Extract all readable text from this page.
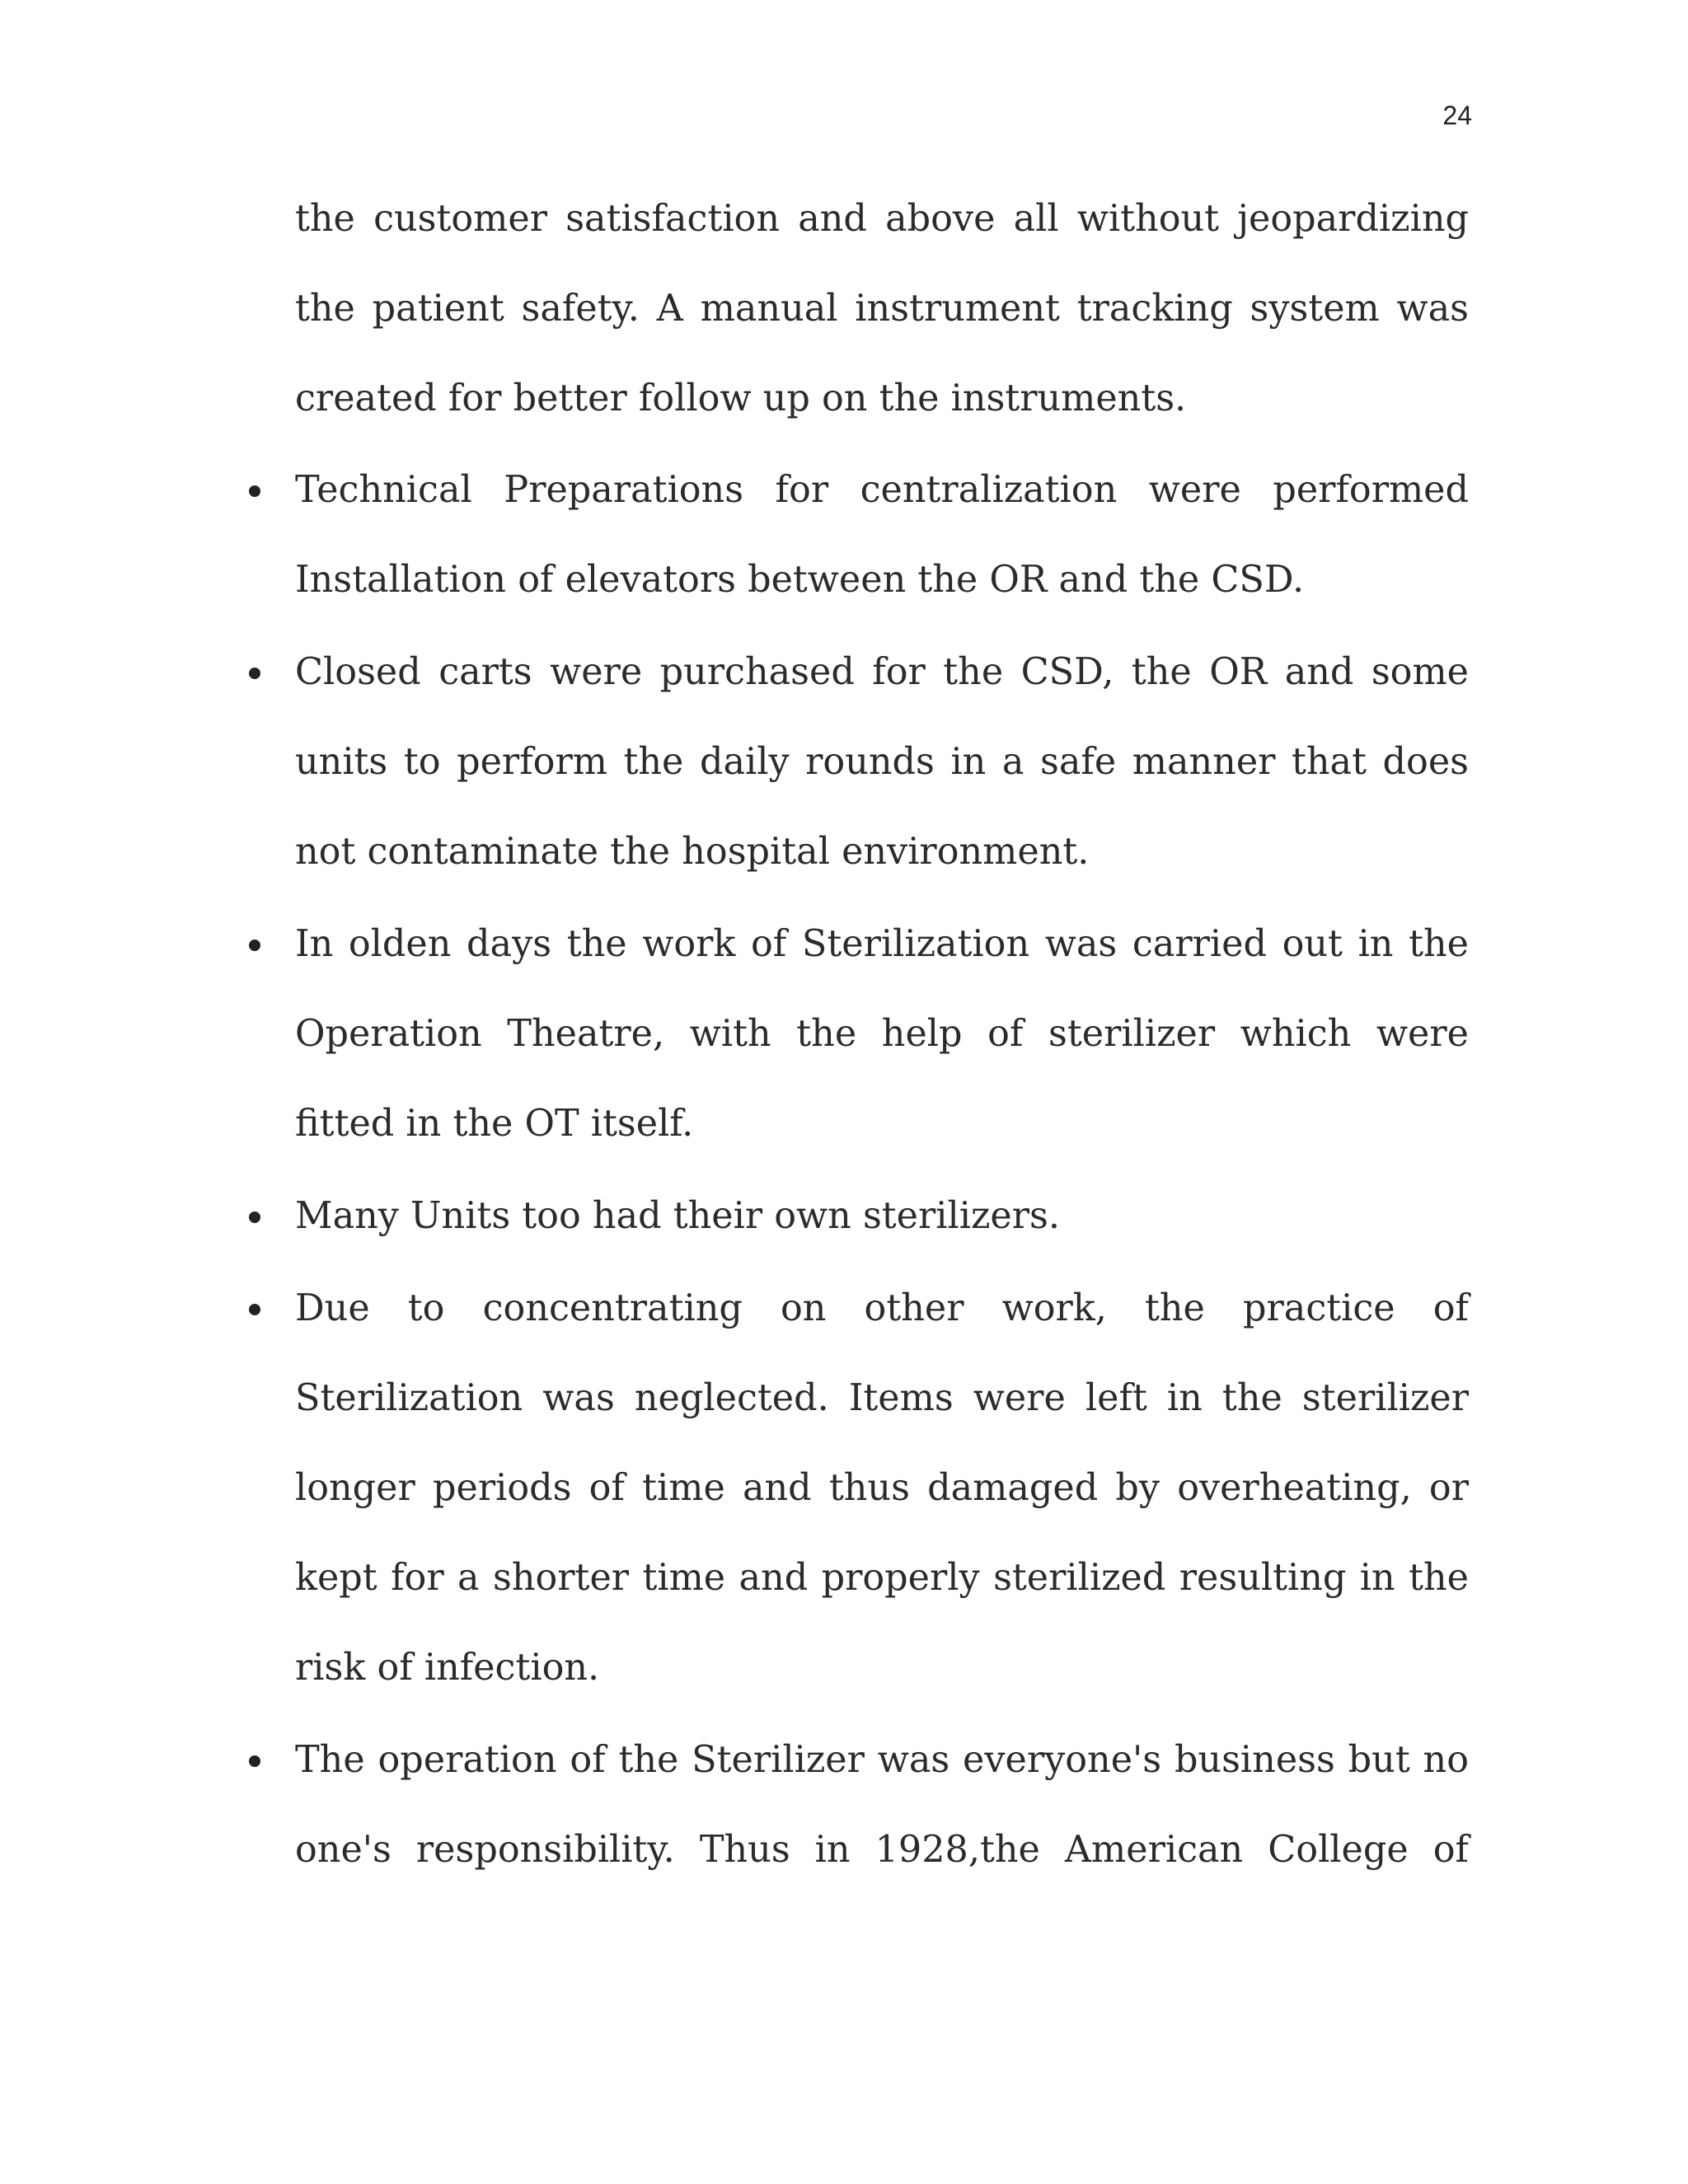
24

the customer satisfaction and above all without jeopardizing the patient safety. A manual instrument tracking system was created for better follow up on the instruments.

Technical Preparations for centralization were performed
Installation of elevators between the OR and the CSD.
Closed carts were purchased for the CSD, the OR and some units to perform the daily rounds in a safe manner that does not contaminate the hospital environment.
In olden days the work of Sterilization was carried out in the Operation Theatre, with the help of sterilizer which were fitted in the OT itself.
Many Units too had their own sterilizers.
Due to concentrating on other work, the practice of Sterilization was neglected. Items were left in the sterilizer longer periods of time and thus damaged by overheating, or kept for a shorter time and properly sterilized resulting in the risk of infection.
The operation of the Sterilizer was everyone's business but no one's responsibility. Thus in 1928,the American College of
